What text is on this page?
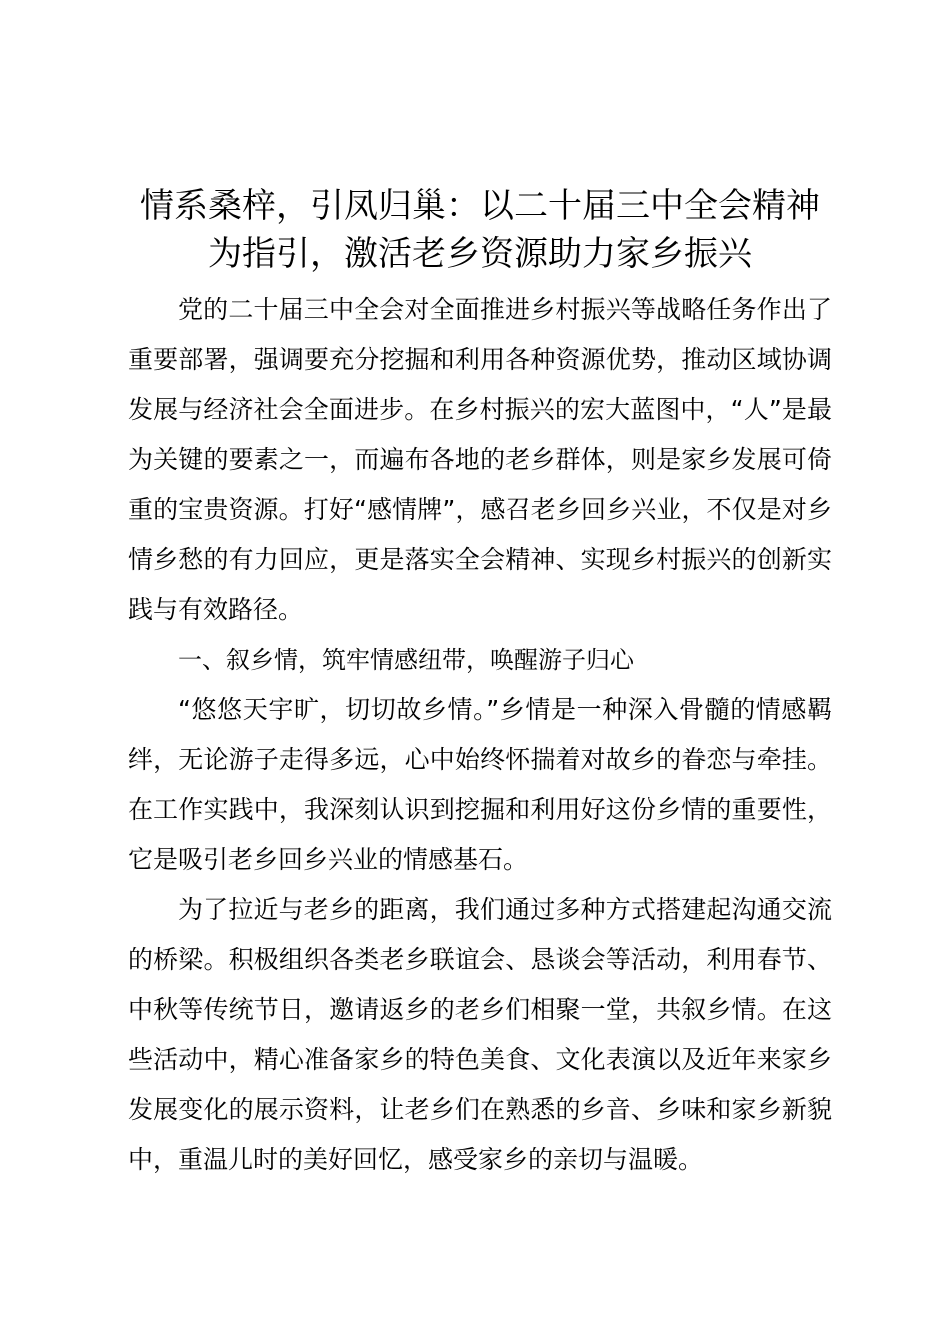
情系桑梓，引凤归巢：以二十届三中全会精神
为指引，激活老乡资源助力家乡振兴

党的二十届三中全会对全面推进乡村振兴等战略任务作出了重要部署，强调要充分挖掘和利用各种资源优势，推动区域协调发展与经济社会全面进步。在乡村振兴的宏大蓝图中，“人”是最为关键的要素之一，而遍布各地的老乡群体，则是家乡发展可倚重的宝贵资源。打好“感情牌”，感召老乡回乡兴业，不仅是对乡情乡愁的有力回应，更是落实全会精神、实现乡村振兴的创新实践与有效路径。

一、叙乡情，筑牢情感纽带，唤醒游子归心

“悠悠天宇旷，切切故乡情。”乡情是一种深入骨髓的情感羁绊，无论游子走得多远，心中始终怀揣着对故乡的眷恋与牵挂。在工作实践中，我深刻认识到挖掘和利用好这份乡情的重要性，它是吸引老乡回乡兴业的情感基石。

为了拉近与老乡的距离，我们通过多种方式搭建起沟通交流的桥梁。积极组织各类老乡联谊会、恳谈会等活动，利用春节、中秋等传统节日，邀请返乡的老乡们相聚一堂，共叙乡情。在这些活动中，精心准备家乡的特色美食、文化表演以及近年来家乡发展变化的展示资料，让老乡们在熟悉的乡音、乡味和家乡新貌中，重温儿时的美好回忆，感受家乡的亲切与温暖。
